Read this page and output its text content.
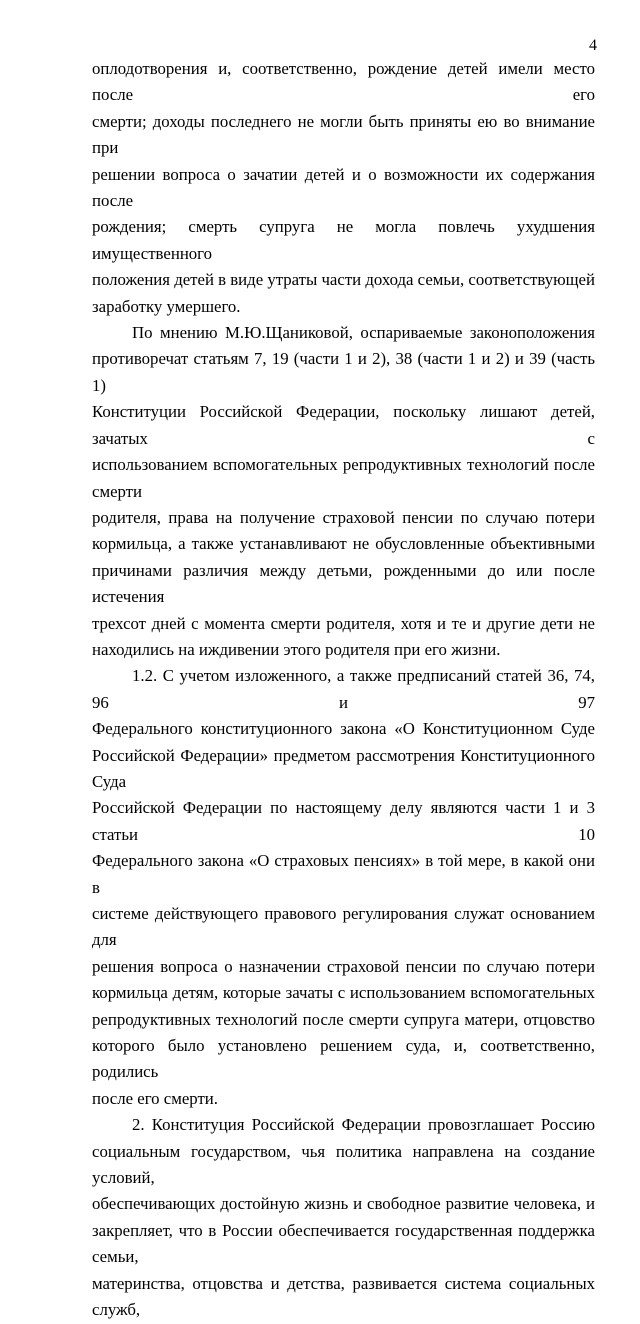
4

оплодотворения и, соответственно, рождение детей имели место после его

смерти; доходы последнего не могли быть приняты ею во внимание при

решении вопроса о зачатии детей и о возможности их содержания после

рождения; смерть супруга не могла повлечь ухудшения имущественного

положения детей в виде утраты части дохода семьи, соответствующей

заработку умершего.

По мнению М.Ю.Щаниковой, оспариваемые законоположения

противоречат статьям 7, 19 (части 1 и 2), 38 (части 1 и 2) и 39 (часть 1)

Конституции Российской Федерации, поскольку лишают детей, зачатых с

использованием вспомогательных репродуктивных технологий после смерти

родителя, права на получение страховой пенсии по случаю потери

кормильца, а также устанавливают не обусловленные объективными

причинами различия между детьми, рожденными до или после истечения

трехсот дней с момента смерти родителя, хотя и те и другие дети не

находились на иждивении этого родителя при его жизни.

1.2. С учетом изложенного, а также предписаний статей 36, 74, 96 и 97

Федерального конституционного закона «О Конституционном Суде

Российской Федерации» предметом рассмотрения Конституционного Суда

Российской Федерации по настоящему делу являются части 1 и 3 статьи 10

Федерального закона «О страховых пенсиях» в той мере, в какой они в

системе действующего правового регулирования служат основанием для

решения вопроса о назначении страховой пенсии по случаю потери

кормильца детям, которые зачаты с использованием вспомогательных

репродуктивных технологий после смерти супруга матери, отцовство

которого было установлено решением суда, и, соответственно, родились

после его смерти.

2. Конституция Российской Федерации провозглашает Россию

социальным государством, чья политика направлена на создание условий,

обеспечивающих достойную жизнь и свободное развитие человека, и

закрепляет, что в России обеспечивается государственная поддержка семьи,

материнства, отцовства и детства, развивается система социальных служб,
